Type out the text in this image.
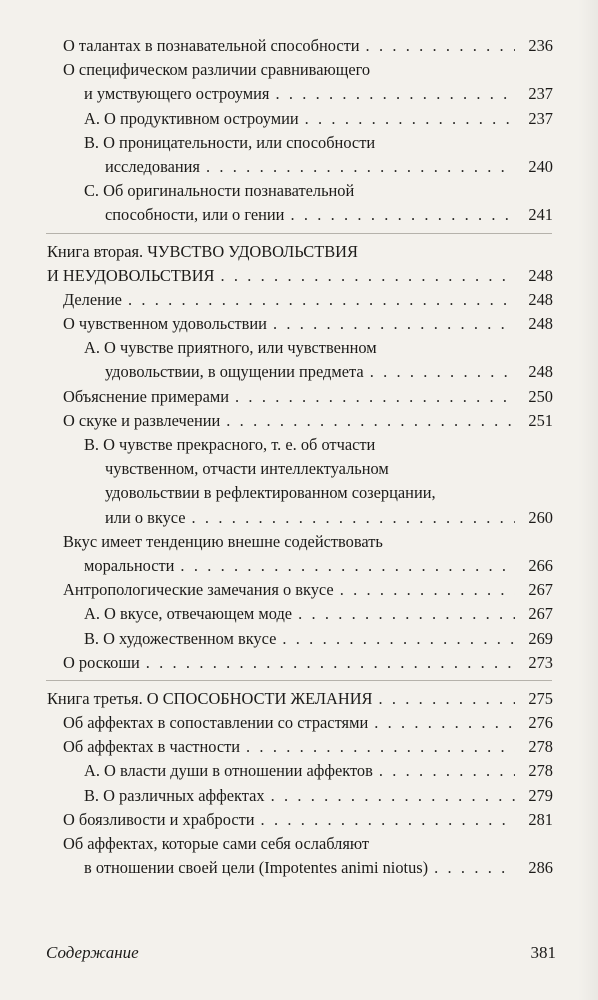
О талантах в познавательной способности . . .	236
О специфическом различии сравнивающего
и умствующего остроумия . . .	237
А. О продуктивном остроумии . . .	237
В. О проницательности, или способности
исследования . . .	240
С. Об оригинальности познавательной
способности, или о гении . . .	241
Книга вторая. ЧУВСТВО УДОВОЛЬСТВИЯ
И НЕУДОВОЛЬСТВИЯ . . .	248
Деление . . .	248
О чувственном удовольствии . . .	248
А. О чувстве приятного, или чувственном
удовольствии, в ощущении предмета . . .	248
Объяснение примерами . . .	250
О скуке и развлечении . . .	251
В. О чувстве прекрасного, т. е. об отчасти
чувственном, отчасти интеллектуальном
удовольствии в рефлектированном созерцании,
или о вкусе . . .	260
Вкус имеет тенденцию внешне содействовать
моральности . . .	266
Антропологические замечания о вкусе . . .	267
А. О вкусе, отвечающем моде . . .	267
В. О художественном вкусе . . .	269
О роскоши . . .	273
Книга третья. О СПОСОБНОСТИ ЖЕЛАНИЯ . . .	275
Об аффектах в сопоставлении со страстями . . .	276
Об аффектах в частности . . .	278
А. О власти души в отношении аффектов . . .	278
В. О различных аффектах . . .	279
О боязливости и храбрости . . .	281
Об аффектах, которые сами себя ослабляют
в отношении своей цели (Impotentes animi niotus) . . .	286
Содержание	381
